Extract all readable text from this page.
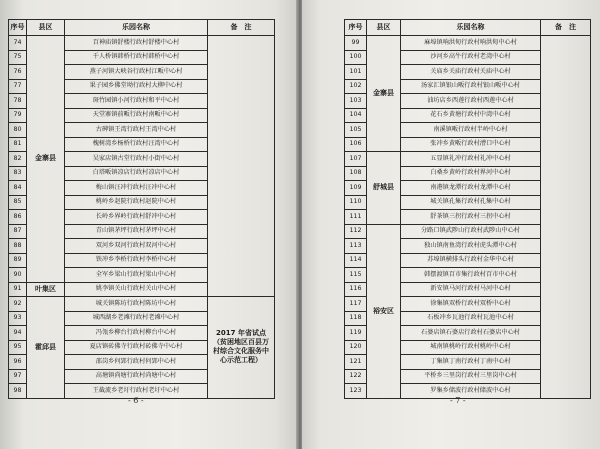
序号	县区	乐园名称	备　注
74	金寨县	百神庙镇舒楼行政村舒楼中心村	
75		千人桥镇韩桥行政村韩桥中心村	
76		燕子河镇大峡谷行政村江畈中心村	
77		果子园乡佛堂坳行政村大柳中心村	
78		斑竹园镇小河行政村和平中心村	
79		天堂寨镇前畈行政村南畈中心村	
80		古碑镇王湾行政村王湾中心村	
81		槐树湾乡杨桥行政村汪湾中心村	
82		吴家店镇古堂行政村小街中心村	
83		白塔畈镇凉店行政村凉店中心村	
84		梅山镇汪冲行政村汪冲中心村	
85		桃岭乡赵院行政村赵院中心村	
86		长岭乡界岭行政村舒冲中心村	
87		青山镇茅坪行政村茅坪中心村	
88		双河乡双河行政村双河中心村	
89		铁冲乡李桥行政村李桥中心村	
90		全军乡梁山行政村梁山中心村	
91	叶集区	姚李镇关山行政村关山中心村	
92	霍邱县	城关镇陈坊行政村陈坊中心村	2017 年省试点（贫困地区百县万村综合文化服务中心示范工程）
93		城西湖乡老滩行政村老滩中心村	
94		冯瓴乡柳台行政村柳台中心村	
95		夏店镇砖佛寺行政村砖佛寺中心村	
96		邵岗乡何郢行政村何郢中心村	
97		高塘镇尚塘行政村尚塘中心村	
98		王截流乡老圩行政村老圩中心村	
- 6 -
序号	县区	乐园名称	备　注
99	金寨县	麻埠镇响洪甸行政村响洪甸中心村	
100		沙河乡高牛行政村老湾中心村	
101		关庙乡关庙行政村关庙中心村	
102		汤家汇镇银山畈行政村银山畈中心村	
103		油坊店乡西莲行政村西莲中心村	
104		花石乡黄塘行政村中湾中心村	
105		南溪镇畈行政村半岭中心村	
106		张冲乡黄畈行政村漕口中心村	
107	舒城县	五显镇礼冲行政村礼冲中心村	
108		白桑乡黄岭行政村界河中心村	
109		南港镇龙潭行政村龙潭中心村	
110		城关镇孔集行政村孔集中心村	
111		舒茶镇三拐行政村三拐中心村	
112	裕安区	分路口镇武陟山行政村武陟山中心村	
113		独山镇南鱼湾行政村虎头潭中心村	
114		苏埠镇横排头行政村金华中心村	
115		韩摆渡镇百市集行政村百市中心村	
116		新安镇马河行政村马河中心村	
117		徐集镇双桥行政村双桥中心村	
118		石板冲乡瓦池行政村瓦池中心村	
119		石婆店镇石婆店行政村石婆店中心村	
120		城南镇桃岭行政村桃岭中心村	
121		丁集镇丁南行政村丁南中心村	
122		平桥乡三里岗行政村三里岗中心村	
123		罗集乡储波行政村储波中心村	
- 7 -
